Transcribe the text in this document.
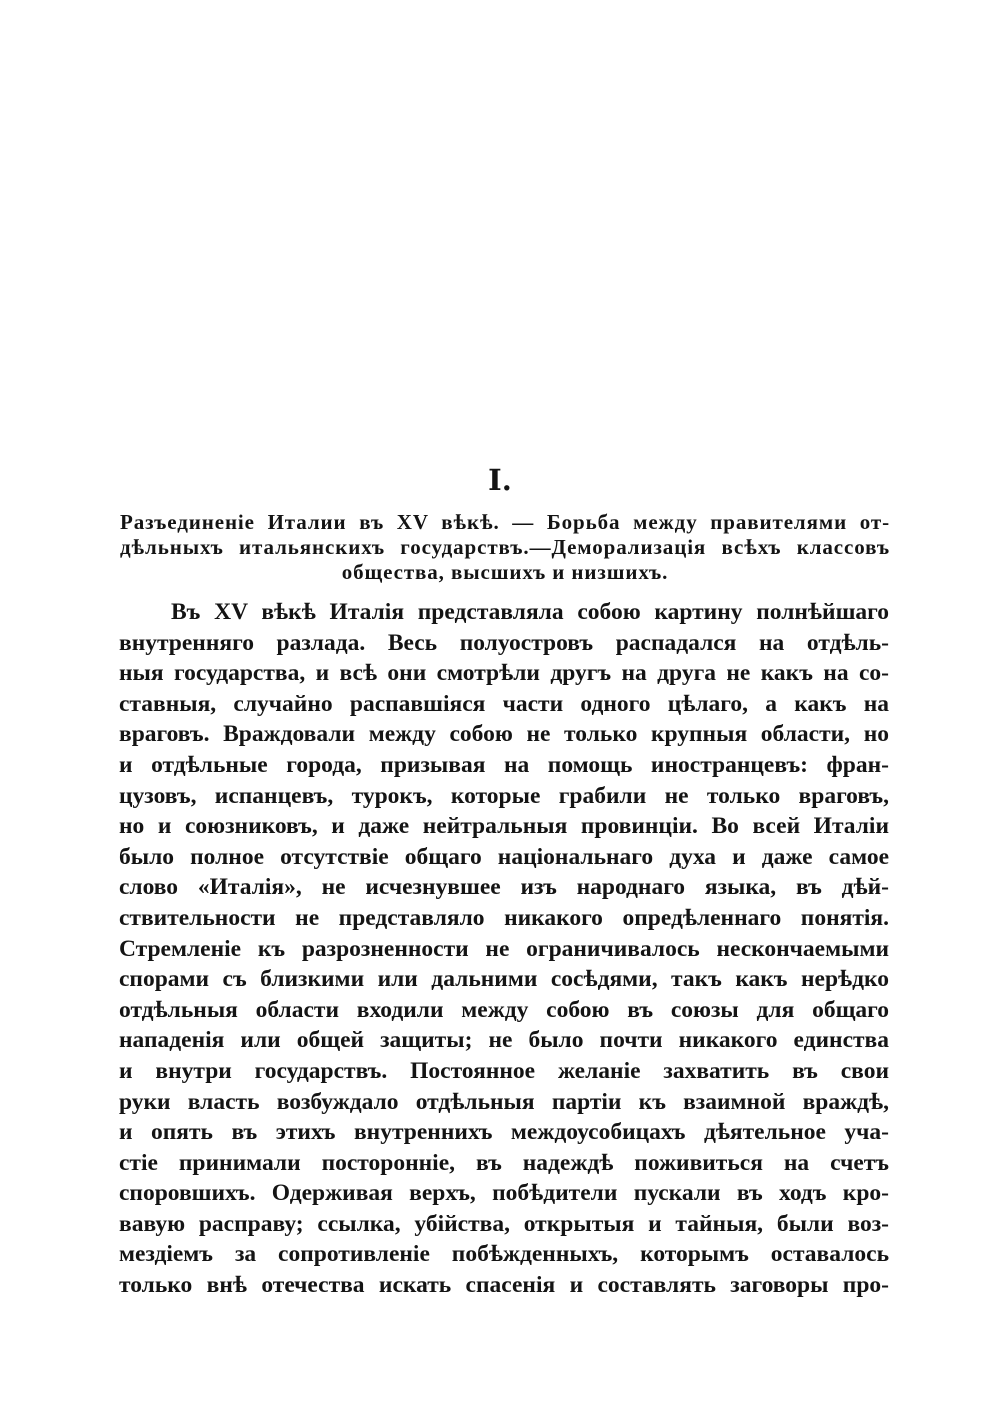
I.
Разъединенie Италии въ XV вѣкѣ. — Борьба между правителями от-
дѣльныхъ итальянскихъ государствъ.—Деморализацiя всѣхъ классовъ
общества, высшихъ и низшихъ.
Въ XV вѣкѣ Италiя представляла собою картину полнѣйшаго
внутренняго разлада. Весь полуостровъ распадался на отдѣль-
ныя государства, и всѣ они смотрѣли другъ на друга не какъ на со-
ставныя, случайно распавшiяся части одного цѣлаго, а какъ на
враговъ. Враждовали между собою не только крупныя области, но
и отдѣльные города, призывая на помощь иностранцевъ: фран-
цузовъ, испанцевъ, турокъ, которые грабили не только враговъ,
но и союзниковъ, и даже нейтральныя провинцiи. Во всей Италiи
было полное отсутствiе общаго нацiональнаго духа и даже самое
слово «Италiя», не исчезнувшее изъ народнаго языка, въ дѣй-
ствительности не представляло никакого опредѣленнаго понятiя.
Стремленiе къ разрозненности не ограничивалось нескончаемыми
спорами съ близкими или дальними сосѣдями, такъ какъ нерѣдко
отдѣльныя области входили между собою въ союзы для общаго
нападенiя или общей защиты; не было почти никакого единства
и внутри государствъ. Постоянное желанiе захватить въ свои
руки власть возбуждало отдѣльныя партiи къ взаимной враждѣ,
и опять въ этихъ внутреннихъ междоусобицахъ дѣятельное уча-
стiе принимали посторонніе, въ надеждѣ поживиться на счетъ
споровшихъ. Одерживая верхъ, побѣдители пускали въ ходъ кро-
вавую расправу; ссылка, убiйства, открытыя и тайныя, были воз-
мездiемъ за сопротивленiе побѣжденныхъ, которымъ оставалось
только внѣ отечества искать спасенiя и составлять заговоры про-
